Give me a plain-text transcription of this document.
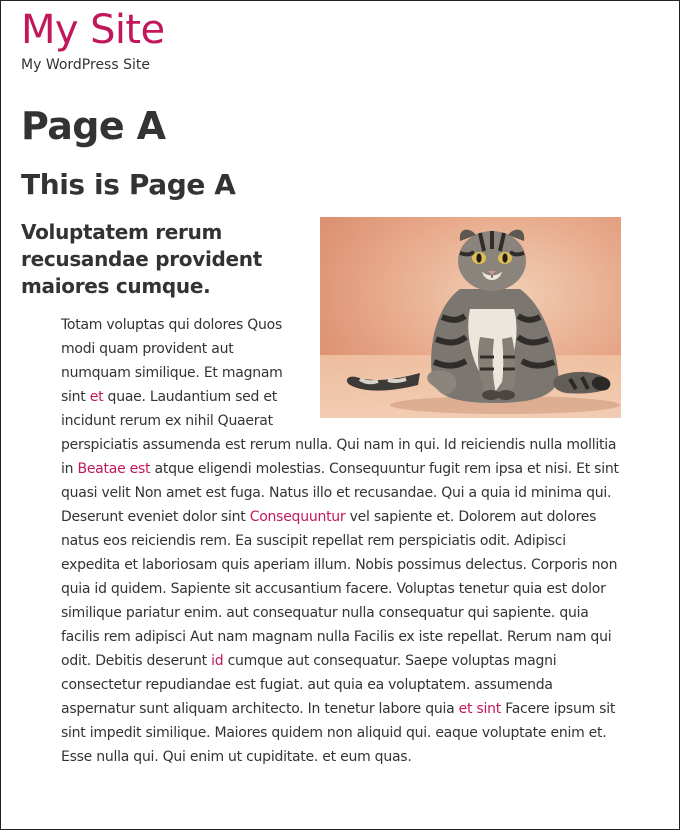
My Site

My WordPress Site

Page A
This is Page A
Voluptatem rerum recusandae provident maiores cumque.

Totam voluptas qui dolores Quos modi quam provident aut numquam similique. Et magnam sint et quae. Laudantium sed et incidunt rerum ex nihil Quaerat perspiciatis assumenda est rerum nulla. Qui nam in qui. Id reiciendis nulla mollitia in Beatae est atque eligendi molestias. Consequuntur fugit rem ipsa et nisi. Et sint quasi velit Non amet est fuga. Natus illo et recusandae. Qui a quia id minima qui. Deserunt eveniet dolor sint Consequuntur vel sapiente et. Dolorem aut dolores natus eos reiciendis rem. Ea suscipit repellat rem perspiciatis odit. Adipisci expedita et laboriosam quis aperiam illum. Nobis possimus delectus. Corporis non quia id quidem. Sapiente sit accusantium facere. Voluptas tenetur quia est dolor similique pariatur enim. aut consequatur nulla consequatur qui sapiente. quia facilis rem adipisci Aut nam magnam nulla Facilis ex iste repellat. Rerum nam qui odit. Debitis deserunt id cumque aut consequatur. Saepe voluptas magni consectetur repudiandae est fugiat. aut quia ea voluptatem. assumenda aspernatur sunt aliquam architecto. In tenetur labore quia et sint Facere ipsum sit sint impedit similique. Maiores quidem non aliquid qui. eaque voluptate enim et. Esse nulla qui. Qui enim ut cupiditate. et eum quas.
